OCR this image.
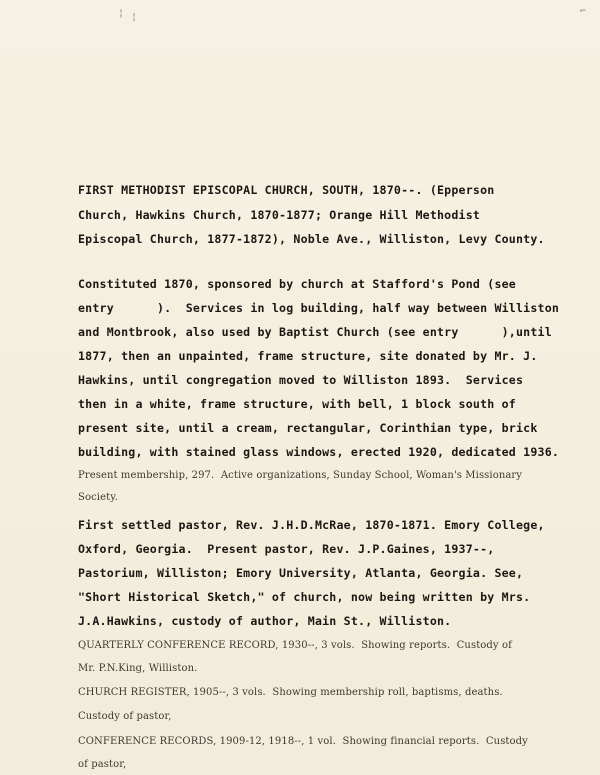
¦ ¦
⌐
FIRST METHODIST EPISCOPAL CHURCH, SOUTH, 1870--. (Epperson
Church, Hawkins Church, 1870-1877; Orange Hill Methodist
Episcopal Church, 1877-1872), Noble Ave., Williston, Levy County.
Constituted 1870, sponsored by church at Stafford's Pond (see
entry      ).  Services in log building, half way between Williston
and Montbrook, also used by Baptist Church (see entry      ),until
1877, then an unpainted, frame structure, site donated by Mr. J.
Hawkins, until congregation moved to Williston 1893.  Services
then in a white, frame structure, with bell, 1 block south of
present site, until a cream, rectangular, Corinthian type, brick
building, with stained glass windows, erected 1920, dedicated 1936.
Present membership, 297.  Active organizations, Sunday School, Woman's Missionary
Society.
First settled pastor, Rev. J.H.D.McRae, 1870-1871. Emory College,
Oxford, Georgia.  Present pastor, Rev. J.P.Gaines, 1937--,
Pastorium, Williston; Emory University, Atlanta, Georgia. See,
"Short Historical Sketch," of church, now being written by Mrs.
J.A.Hawkins, custody of author, Main St., Williston.
QUARTERLY CONFERENCE RECORD, 1930--, 3 vols.  Showing reports.  Custody of
Mr. P.N.King, Williston.
CHURCH REGISTER, 1905--, 3 vols.  Showing membership roll, baptisms, deaths.
Custody of pastor,
CONFERENCE RECORDS, 1909-12, 1918--, 1 vol.  Showing financial reports.  Custody
of pastor,
